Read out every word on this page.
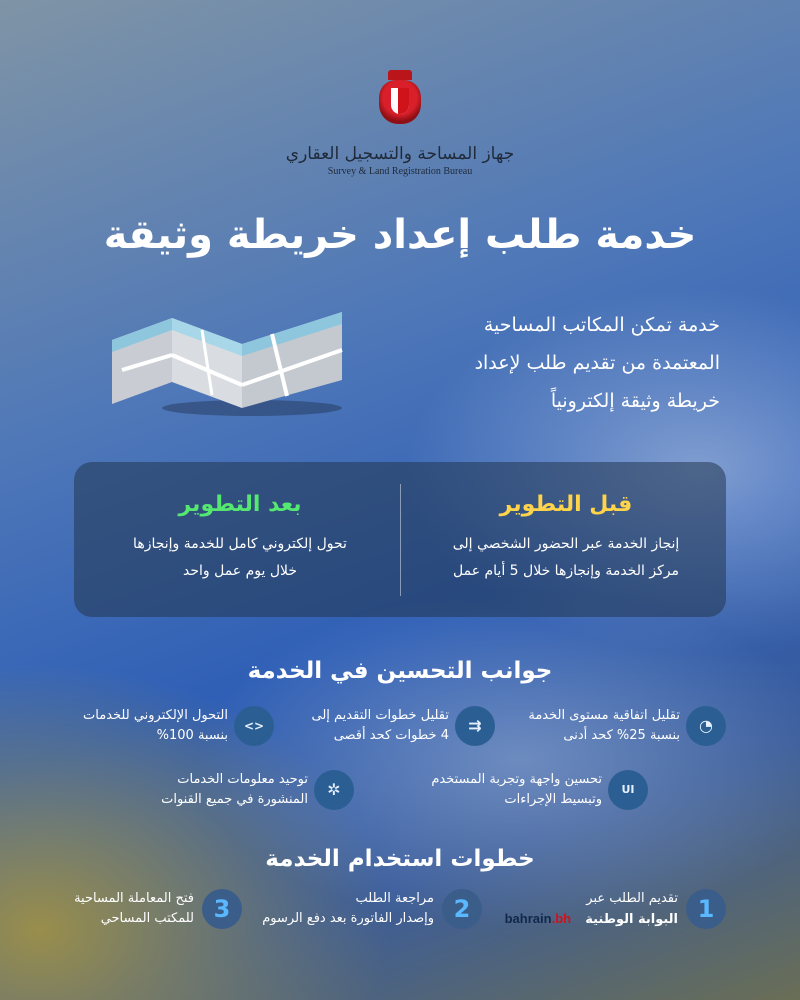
جهاز المساحة والتسجيل العقاري
Survey & Land Registration Bureau
خدمة طلب إعداد خريطة وثيقة
خدمة تمكن المكاتب المساحية
المعتمدة من تقديم طلب لإعداد
خريطة وثيقة إلكترونياً
قبل التطوير
إنجاز الخدمة عبر الحضور الشخصي إلى
مركز الخدمة وإنجازها خلال 5 أيام عمل
بعد التطوير
تحول إلكتروني كامل للخدمة وإنجازها
خلال يوم عمل واحد
جوانب التحسين في الخدمة
◔
تقليل اتفاقية مستوى الخدمة
بنسبة 25% كحد أدنى
⇉
تقليل خطوات التقديم إلى
4 خطوات كحد أقصى
<>
التحول الإلكتروني للخدمات
بنسبة 100%
UI
تحسين واجهة وتجربة المستخدم
وتبسيط الإجراءات
✲
توحيد معلومات الخدمات
المنشورة في جميع القنوات
خطوات استخدام الخدمة
1
تقديم الطلب عبر
البوابة الوطنية bahrain.bh
2
مراجعة الطلب
وإصدار الفاتورة بعد دفع الرسوم
3
فتح المعاملة المساحية
للمكتب المساحي
